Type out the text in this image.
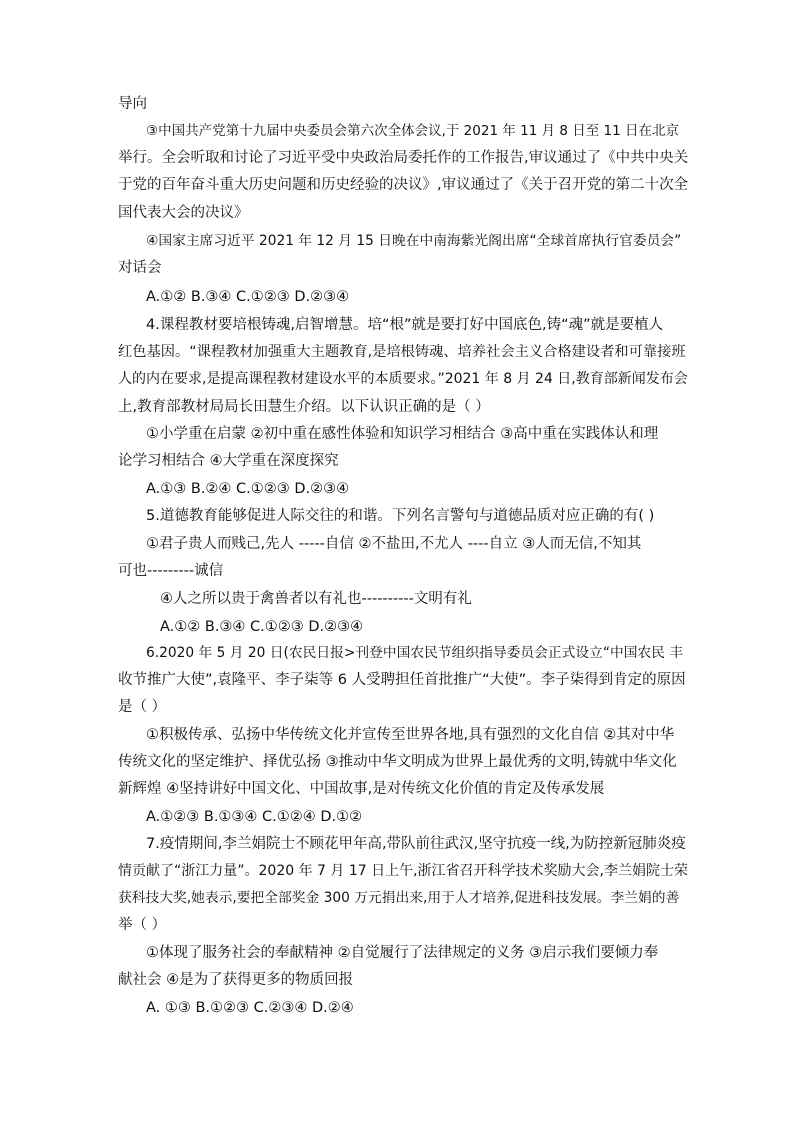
导向
③中国共产党第十九届中央委员会第六次全体会议,于 2021 年 11 月 8 日至 11 日在北京
举行。全会听取和讨论了习近平受中央政治局委托作的工作报告,审议通过了《中共中央关
于党的百年奋斗重大历史问题和历史经验的决议》,审议通过了《关于召开党的第二十次全
国代表大会的决议》
④国家主席习近平 2021 年 12 月 15 日晚在中南海紫光阁出席“全球首席执行官委员会”
对话会
A.①② B.③④ C.①②③ D.②③④
4.课程教材要培根铸魂,启智增慧。培“根”就是要打好中国底色,铸“魂”就是要植人
红色基因。“课程教材加强重大主题教育,是培根铸魂、培养社会主义合格建设者和可靠接班
人的内在要求,是提高课程教材建设水平的本质要求。”2021 年 8 月 24 日,教育部新闻发布会
上,教育部教材局局长田慧生介绍。以下认识正确的是（ ）
①小学重在启蒙 ②初中重在感性体验和知识学习相结合 ③高中重在实践体认和理
论学习相结合 ④大学重在深度探究
A.①③ B.②④ C.①②③ D.②③④
5.道德教育能够促进人际交往的和谐。下列名言警句与道德品质对应正确的有( )
①君子贵人而贱己,先人 -----自信 ②不盐田,不尤人 ----自立 ③人而无信,不知其
可也---------诚信
④人之所以贵于禽兽者以有礼也----------文明有礼
A.①② B.③④ C.①②③ D.②③④
6.2020 年 5 月 20 日(农民日报>刊登中国农民节组织指导委员会正式设立“中国农民 丰
收节推广大使”,袁隆平、李子柒等 6 人受聘担任首批推广“大使”。李子柒得到肯定的原因
是（ ）
①积极传承、弘扬中华传统文化并宣传至世界各地,具有强烈的文化自信 ②其对中华
传统文化的坚定维护、择优弘扬 ③推动中华文明成为世界上最优秀的文明,铸就中华文化
新辉煌 ④坚持讲好中国文化、中国故事,是对传统文化价值的肯定及传承发展
A.①②③ B.①③④ C.①②④ D.①②
7.疫情期间,李兰娟院士不顾花甲年高,带队前往武汉,坚守抗疫一线,为防控新冠肺炎疫
情贡献了“浙江力量”。2020 年 7 月 17 日上午,浙江省召开科学技术奖励大会,李兰娟院士荣
获科技大奖,她表示,要把全部奖金 300 万元捐出来,用于人才培养,促进科技发展。李兰娟的善
举（ ）
①体现了服务社会的奉献精神 ②自觉履行了法律规定的义务 ③启示我们要倾力奉
献社会 ④是为了获得更多的物质回报
A. ①③ B.①②③ C.②③④ D.②④
